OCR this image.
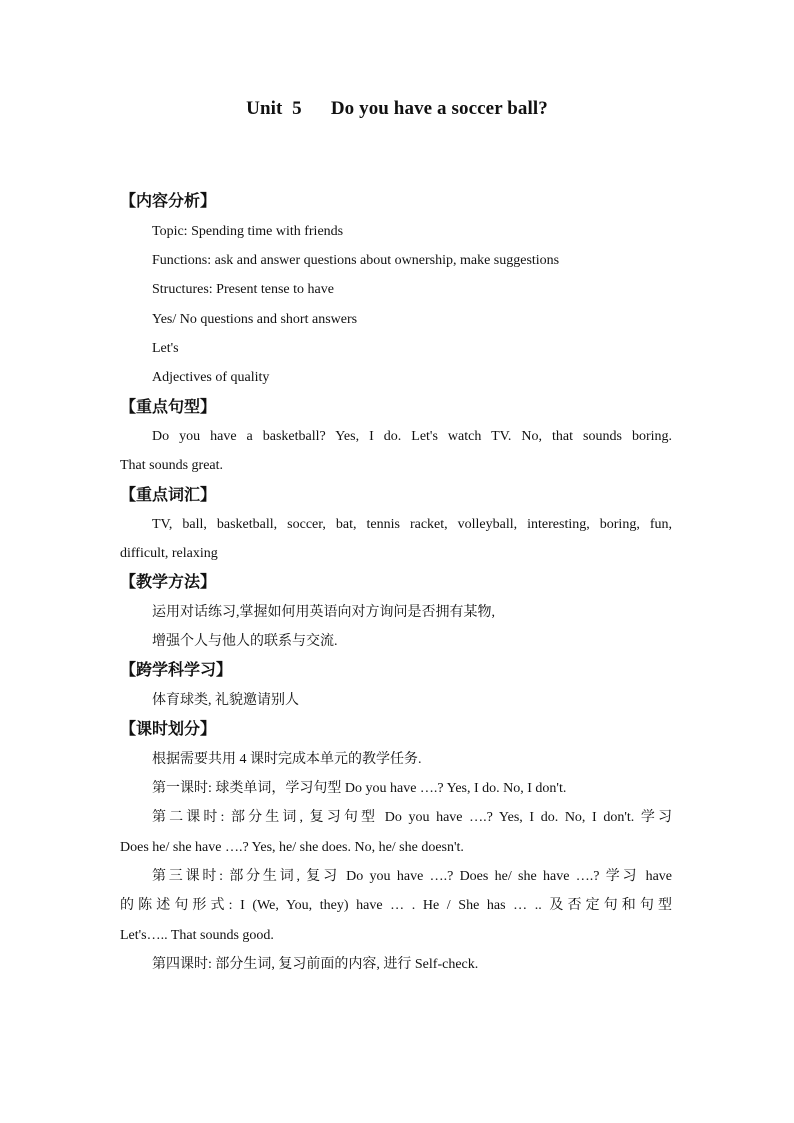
Unit  5      Do you have a soccer ball?
【内容分析】
Topic: Spending time with friends
Functions: ask and answer questions about ownership, make suggestions
Structures: Present tense to have
Yes/ No questions and short answers
Let's
Adjectives of quality
【重点句型】
Do you have a basketball? Yes, I do. Let's watch TV. No, that sounds boring.
That sounds great.
【重点词汇】
TV, ball, basketball, soccer, bat, tennis racket, volleyball, interesting, boring, fun,
difficult, relaxing
【教学方法】
运用对话练习,掌握如何用英语向对方询问是否拥有某物,
增强个人与他人的联系与交流.
【跨学科学习】
体育球类, 礼貌邀请别人
【课时划分】
根据需要共用 4 课时完成本单元的教学任务.
第一课时: 球类单词，学习句型 Do you have ….? Yes, I do. No, I don't.
第二课时: 部分生词, 复习句型 Do you have ….? Yes, I do. No, I don't. 学习
Does he/ she have ….? Yes, he/ she does. No, he/ she doesn't.
第三课时: 部分生词, 复习 Do you have ….? Does he/ she have ….? 学习 have
的陈述句形式: I (We, You, they) have … . He / She has … .. 及否定句和句型
Let's….. That sounds good.
第四课时: 部分生词, 复习前面的内容, 进行 Self-check.
